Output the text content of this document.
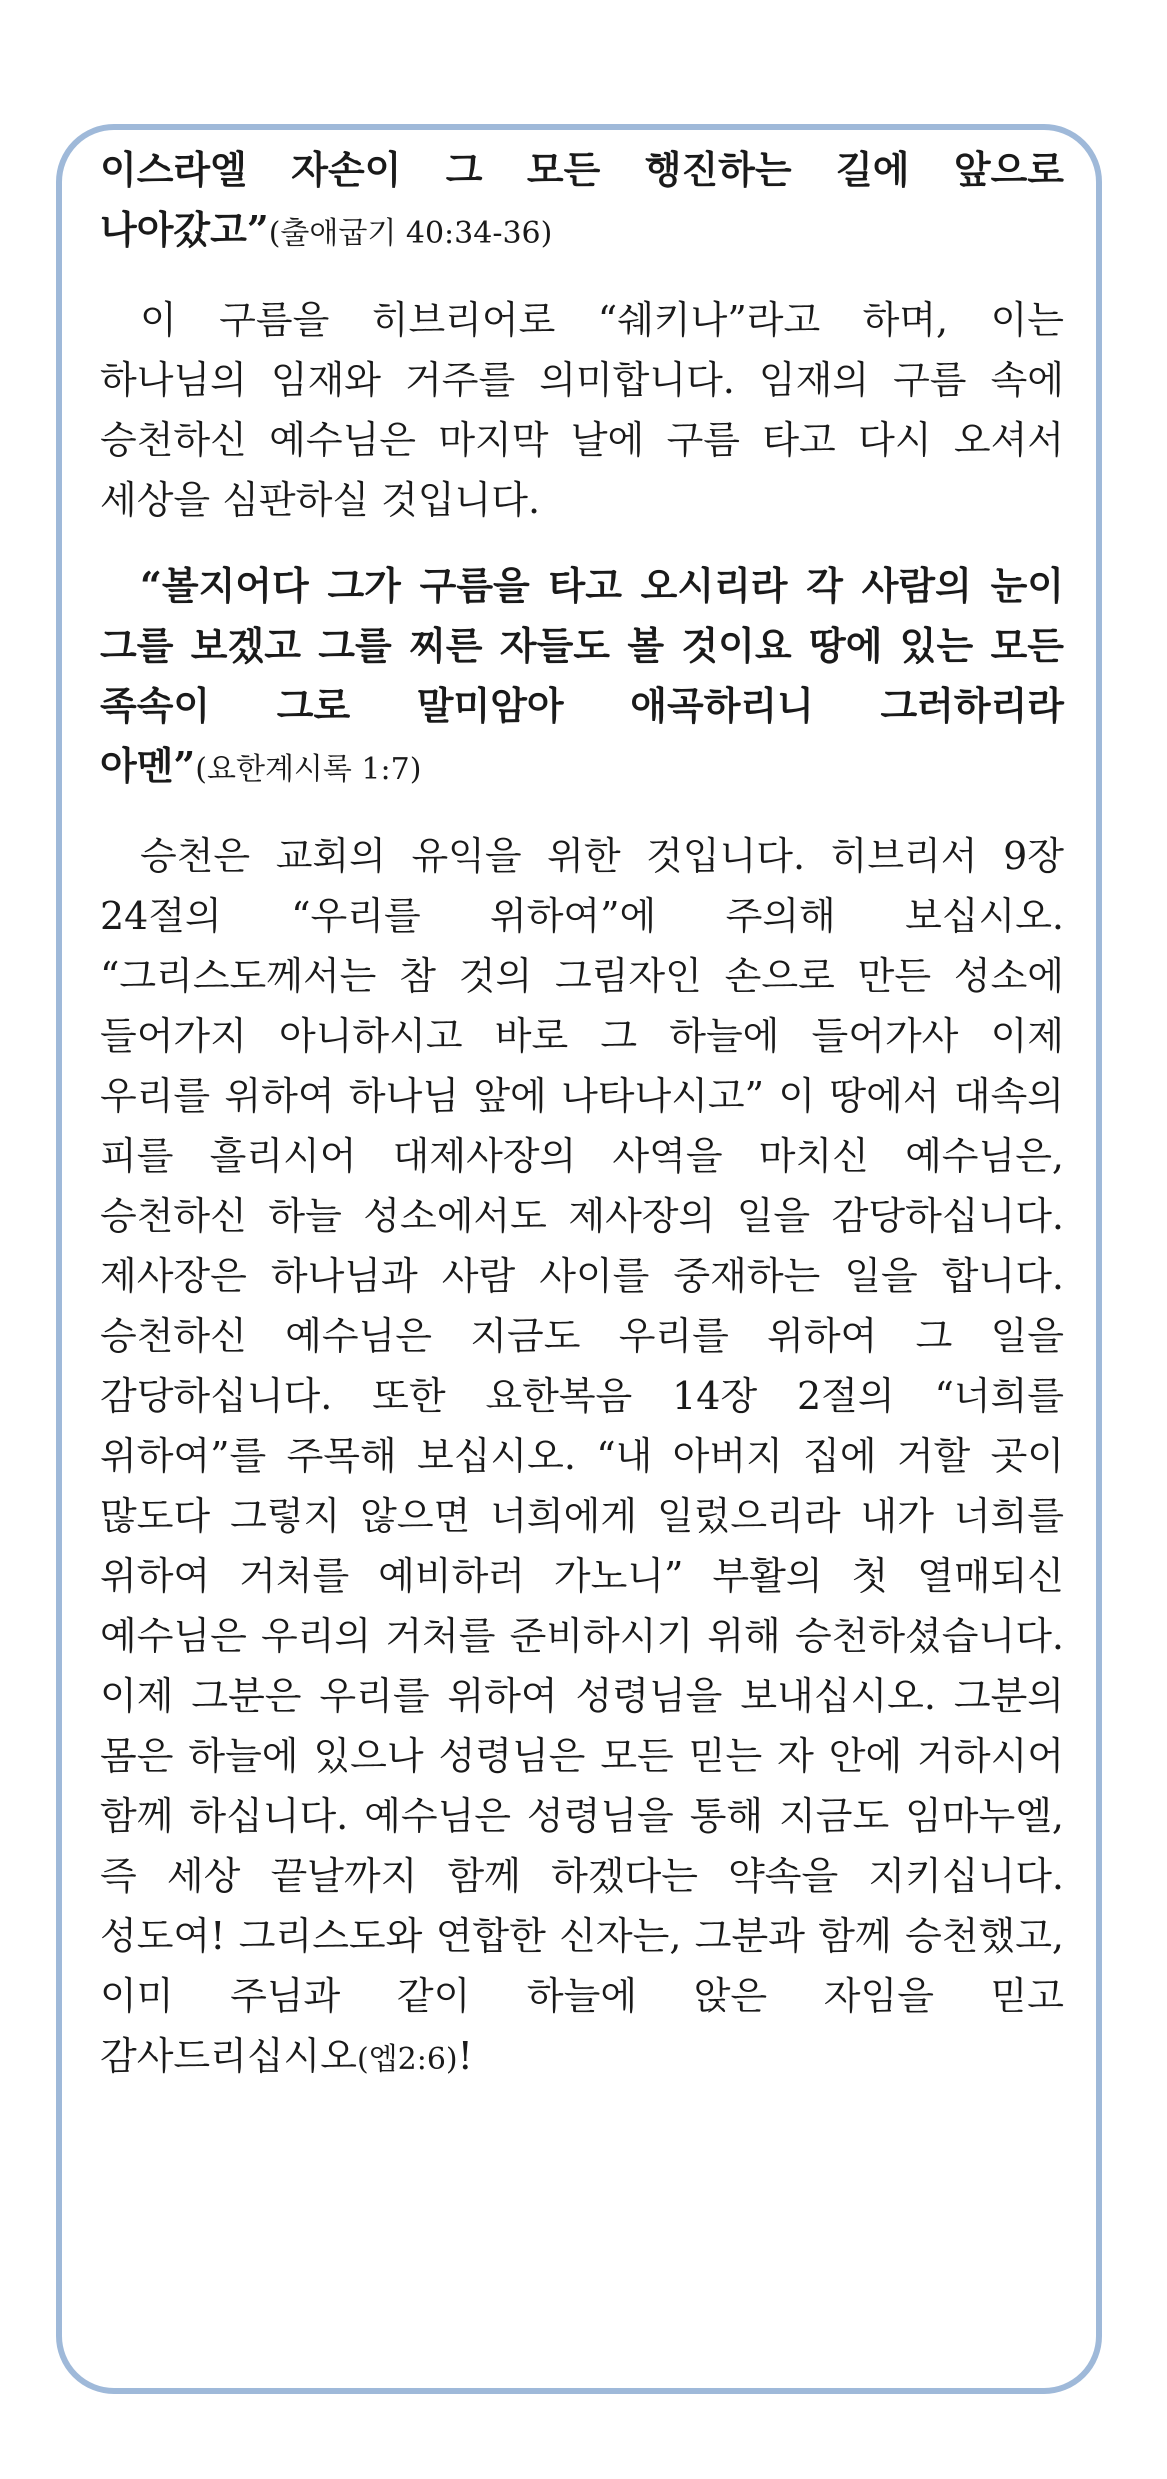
이스라엘 자손이 그 모든 행진하는 길에 앞으로 나아갔고”(출애굽기 40:34-36)

이 구름을 히브리어로 “쉐키나”라고 하며, 이는 하나님의 임재와 거주를 의미합니다. 임재의 구름 속에 승천하신 예수님은 마지막 날에 구름 타고 다시 오셔서 세상을 심판하실 것입니다.

“볼지어다 그가 구름을 타고 오시리라 각 사람의 눈이 그를 보겠고 그를 찌른 자들도 볼 것이요 땅에 있는 모든 족속이 그로 말미암아 애곡하리니 그러하리라 아멘”(요한계시록 1:7)

승천은 교회의 유익을 위한 것입니다. 히브리서 9장 24절의 “우리를 위하여”에 주의해 보십시오. “그리스도께서는 참 것의 그림자인 손으로 만든 성소에 들어가지 아니하시고 바로 그 하늘에 들어가사 이제 우리를 위하여 하나님 앞에 나타나시고” 이 땅에서 대속의 피를 흘리시어 대제사장의 사역을 마치신 예수님은, 승천하신 하늘 성소에서도 제사장의 일을 감당하십니다. 제사장은 하나님과 사람 사이를 중재하는 일을 합니다. 승천하신 예수님은 지금도 우리를 위하여 그 일을 감당하십니다. 또한 요한복음 14장 2절의 “너희를 위하여”를 주목해 보십시오. “내 아버지 집에 거할 곳이 많도다 그렇지 않으면 너희에게 일렀으리라 내가 너희를 위하여 거처를 예비하러 가노니” 부활의 첫 열매되신 예수님은 우리의 거처를 준비하시기 위해 승천하셨습니다. 이제 그분은 우리를 위하여 성령님을 보내십시오. 그분의 몸은 하늘에 있으나 성령님은 모든 믿는 자 안에 거하시어 함께 하십니다. 예수님은 성령님을 통해 지금도 임마누엘, 즉 세상 끝날까지 함께 하겠다는 약속을 지키십니다. 성도여! 그리스도와 연합한 신자는, 그분과 함께 승천했고, 이미 주님과 같이 하늘에 앉은 자임을 믿고 감사드리십시오(엡2:6)!
